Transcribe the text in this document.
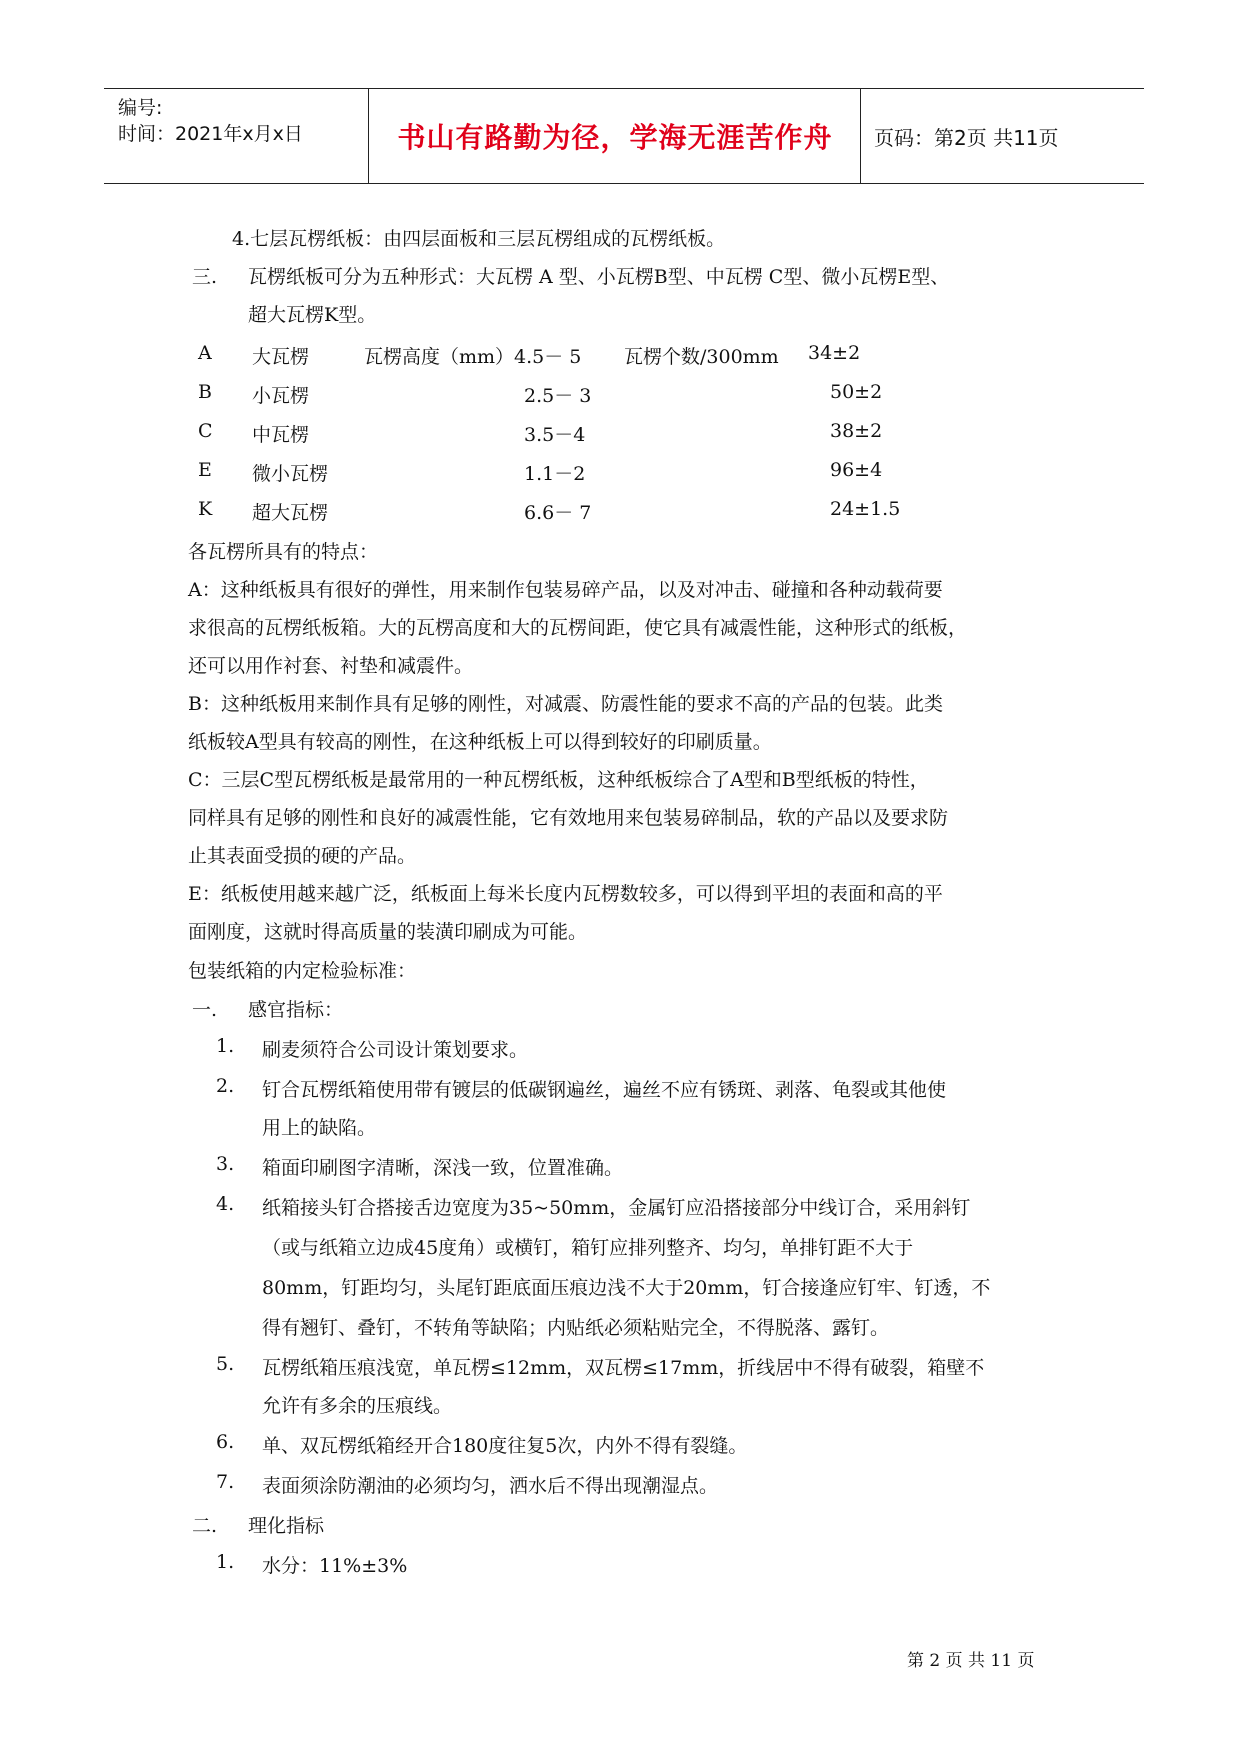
编号:
时间：2021年x月x日	书山有路勤为径，学海无涯苦作舟 页码：第2页 共11页
4.七层瓦楞纸板：由四层面板和三层瓦楞组成的瓦楞纸板。
三. 瓦楞纸板可分为五种形式：大瓦楞 A 型、小瓦楞B型、中瓦楞 C型、微小瓦楞E型、
超大瓦楞K型。
A 大瓦楞	瓦楞高度（mm）4.5－ 5 瓦楞个数/300mm 34±2
B 小瓦楞	2.5－ 3	50±2
C 中瓦楞	3.5－4	38±2
E 微小瓦楞	1.1－2	96±4
K 超大瓦楞	6.6－ 7	24±1.5
各瓦楞所具有的特点：
A：这种纸板具有很好的弹性，用来制作包装易碎产品，以及对冲击、碰撞和各种动载荷要
求很高的瓦楞纸板箱。大的瓦楞高度和大的瓦楞间距，使它具有减震性能，这种形式的纸板，
还可以用作衬套、衬垫和减震件。
B：这种纸板用来制作具有足够的刚性，对减震、防震性能的要求不高的产品的包装。此类
纸板较A型具有较高的刚性，在这种纸板上可以得到较好的印刷质量。
C：三层C型瓦楞纸板是最常用的一种瓦楞纸板，这种纸板综合了A型和B型纸板的特性，
同样具有足够的刚性和良好的减震性能，它有效地用来包装易碎制品，软的产品以及要求防
止其表面受损的硬的产品。
E：纸板使用越来越广泛，纸板面上每米长度内瓦楞数较多，可以得到平坦的表面和高的平
面刚度，这就时得高质量的装潢印刷成为可能。
包装纸箱的内定检验标准：
一. 感官指标：
1. 刷麦须符合公司设计策划要求。
2. 钉合瓦楞纸箱使用带有镀层的低碳钢遍丝，遍丝不应有锈斑、剥落、龟裂或其他使
用上的缺陷。
3. 箱面印刷图字清晰，深浅一致，位置准确。
4. 纸箱接头钉合搭接舌边宽度为35~50mm，金属钉应沿搭接部分中线订合，采用斜钉
（或与纸箱立边成45度角）或横钉，箱钉应排列整齐、均匀，单排钉距不大于
80mm，钉距均匀，头尾钉距底面压痕边浅不大于20mm，钉合接逢应钉牢、钉透，不
得有翘钉、叠钉，不转角等缺陷；内贴纸必须粘贴完全，不得脱落、露钉。
5. 瓦楞纸箱压痕浅宽，单瓦楞≤12mm，双瓦楞≤17mm，折线居中不得有破裂，箱壁不
允许有多余的压痕线。
6. 单、双瓦楞纸箱经开合180度往复5次，内外不得有裂缝。
7. 表面须涂防潮油的必须均匀，洒水后不得出现潮湿点。
二. 理化指标
1. 水分：11%±3%
第 2 页 共 11 页
